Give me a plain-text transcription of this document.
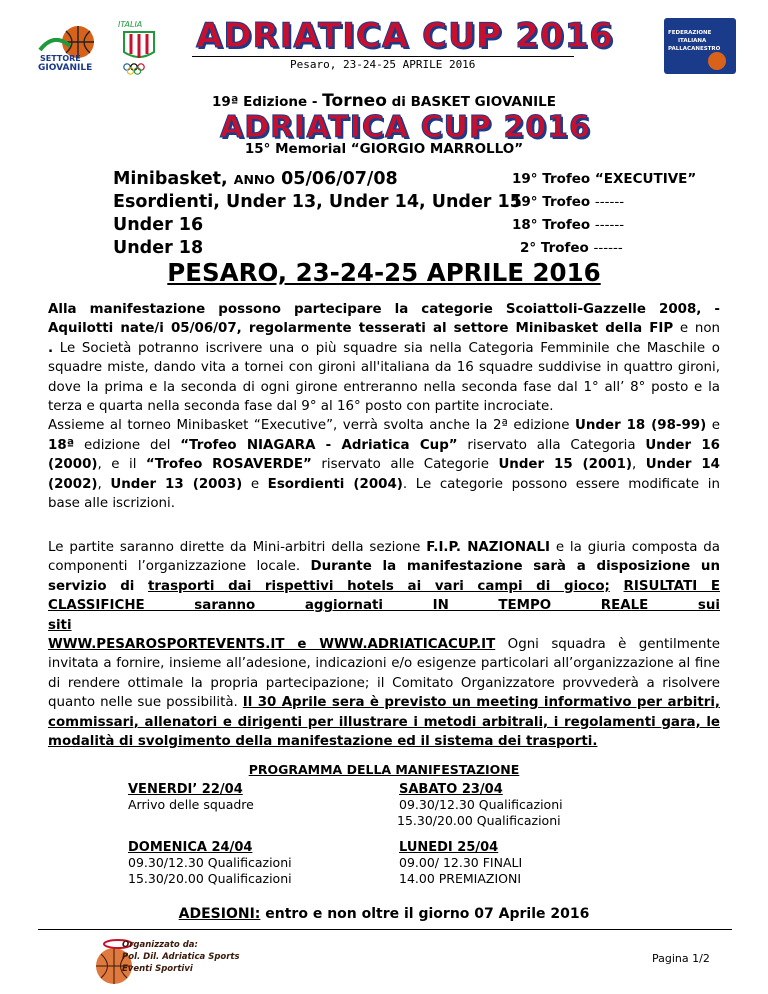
SETTORE
GIOVANILE
ITALIA ADRIATICA CUP 2016
Pesaro, 23-24-25 APRILE 2016
FEDERAZIONE
ITALIANA
PALLACANESTRO
19ª Edizione - Torneo di BASKET GIOVANILE
ADRIATICA CUP 2016
15° Memorial “GIORGIO MARROLLO”
Minibasket, ANNO 05/06/07/08
Esordienti, Under 13, Under 14, Under 15
Under 16
Under 18
19° Trofeo “EXECUTIVE”
19° Trofeo ------
18° Trofeo ------
2° Trofeo ------
PESARO, 23-24-25 APRILE 2016
Alla manifestazione possono partecipare la categorie Scoiattoli-Gazzelle 2008, -
Aquilotti nate/i 05/06/07, regolarmente tesserati al settore Minibasket della FIP e non
. Le Società potranno iscrivere una o più squadre sia nella Categoria Femminile che Maschile o
squadre miste, dando vita a tornei con gironi all'italiana da 16 squadre suddivise in quattro gironi,
dove la prima e la seconda di ogni girone entreranno nella seconda fase dal 1° all’ 8° posto e la
terza e quarta nella seconda fase dal 9° al 16° posto con partite incrociate.
Assieme al torneo Minibasket “Executive”, verrà svolta anche la 2ª edizione Under 18 (98-99) e
18ª edizione del “Trofeo NIAGARA - Adriatica Cup” riservato alla Categoria Under 16
(2000), e il “Trofeo ROSAVERDE” riservato alle Categorie Under 15 (2001), Under 14
(2002), Under 13 (2003) e Esordienti (2004). Le categorie possono essere modificate in
base alle iscrizioni.
Le partite saranno dirette da Mini-arbitri della sezione F.I.P. NAZIONALI e la giuria composta da
componenti l’organizzazione locale. Durante la manifestazione sarà a disposizione un
servizio di trasporti dai rispettivi hotels ai vari campi di gioco; RISULTATI E
CLASSIFICHE saranno aggiornati IN TEMPO REALE sui siti
WWW.PESAROSPORTEVENTS.IT e WWW.ADRIATICACUP.IT Ogni squadra è gentilmente
invitata a fornire, insieme all’adesione, indicazioni e/o esigenze particolari all’organizzazione al fine
di rendere ottimale la propria partecipazione; il Comitato Organizzatore provvederà a risolvere
quanto nelle sue possibilità. Il 30 Aprile sera è previsto un meeting informativo per arbitri,
commissari, allenatori e dirigenti per illustrare i metodi arbitrali, i regolamenti gara, le
modalità di svolgimento della manifestazione ed il sistema dei trasporti.
PROGRAMMA DELLA MANIFESTAZIONE
VENERDI’ 22/04
Arrivo delle squadre
SABATO 23/04
09.30/12.30 Qualificazioni
15.30/20.00 Qualificazioni
DOMENICA 24/04
09.30/12.30 Qualificazioni
15.30/20.00 Qualificazioni
LUNEDI 25/04
09.00/ 12.30 FINALI
14.00 PREMIAZIONI
ADESIONI: entro e non oltre il giorno 07 Aprile 2016
Organizzato da:
Pol. Dil. Adriatica Sports
Eventi Sportivi
Pagina 1/2
